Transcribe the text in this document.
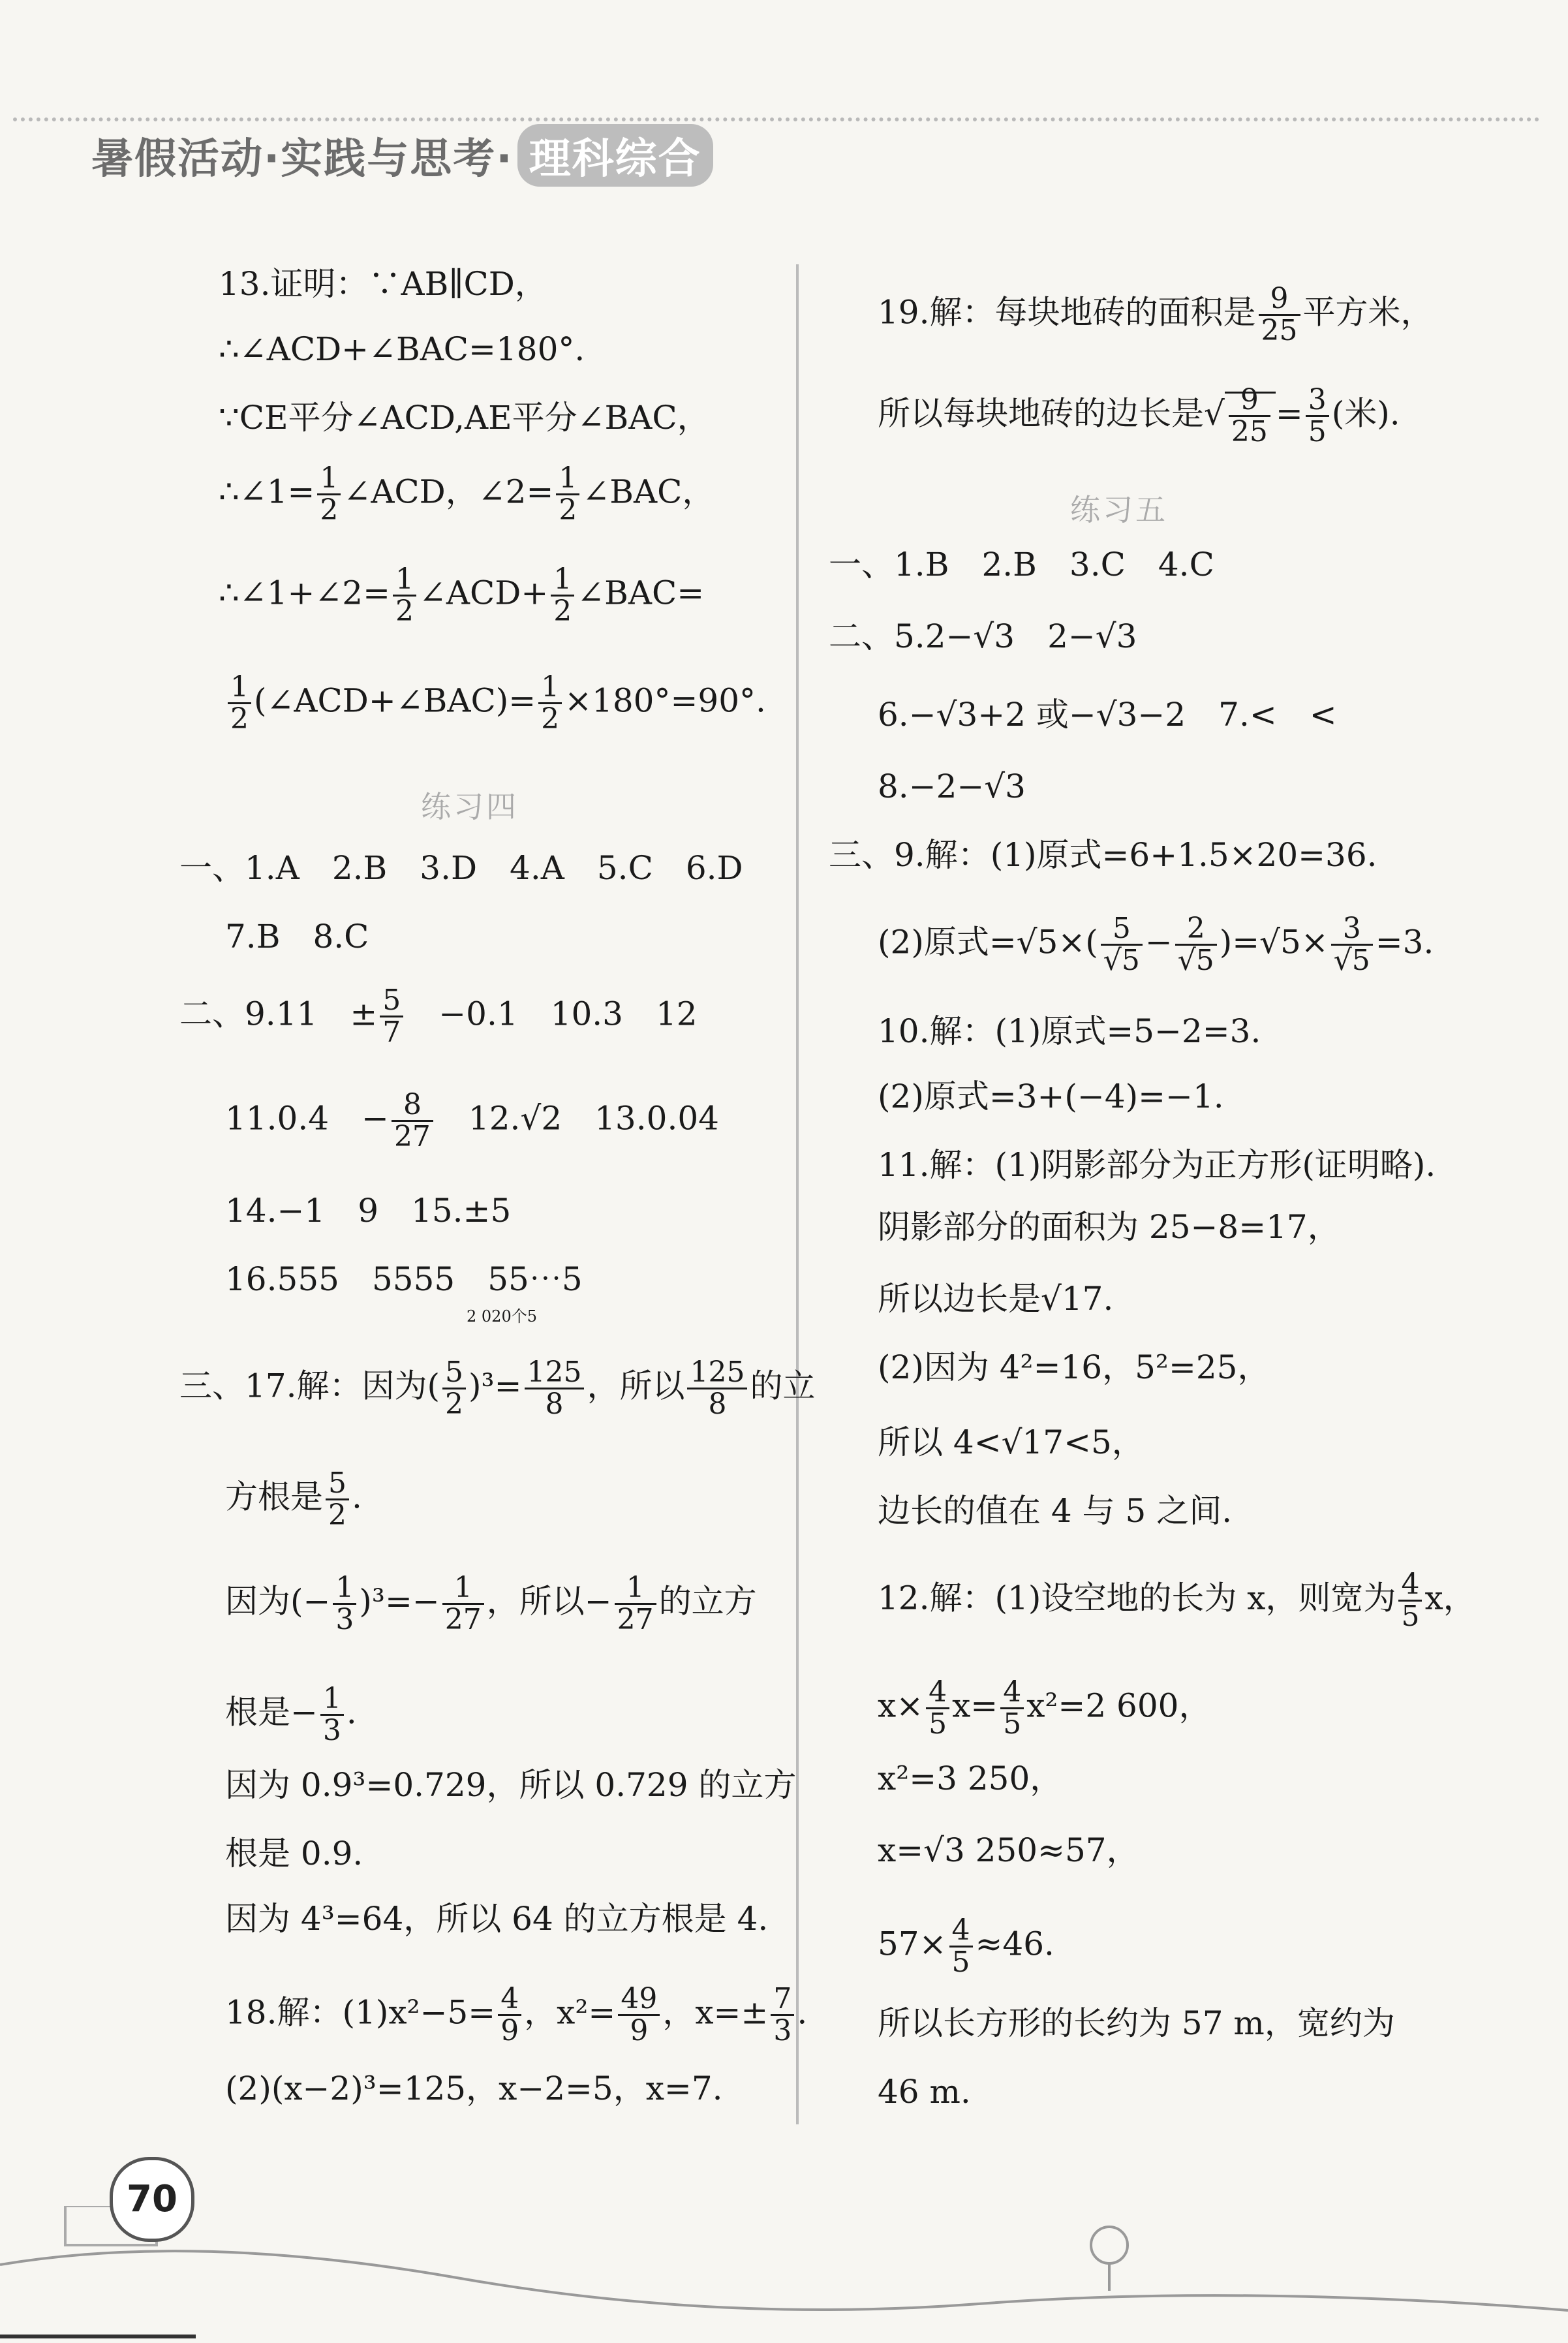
暑假活动·实践与思考· 理科综合
13.证明：∵AB∥CD，
∴∠ACD+∠BAC=180°.
∵CE平分∠ACD,AE平分∠BAC，
∴∠1= $\frac{1}{2}$ ∠ACD，∠2= $\frac{1}{2}$ ∠BAC，
∴∠1+∠2= $\frac{1}{2}$ ∠ACD+ $\frac{1}{2}$ ∠BAC=
$\frac{1}{2}$ (∠ACD+∠BAC)= $\frac{1}{2} \times 180^\circ=90^\circ$.
练习四
一、1.A　2.B　3.D　4.A　5.C　6.D
7.B　8.C
二、9.11　± $\frac{5}{7}$ 　−0.1　10.3　12
11.0.4　− $\frac{8}{27}$ 　12.√2　13.0.04
14.−1　9　15.±5
16.555　5555　55⋯5
2 020个5
三、17.解：因为( $\frac{5}{2} )^3= \frac{125}{8}$ ，所以 $\frac{125}{8}$ 的立
方根是 $\frac{5}{2}$ .
因为(− $\frac{1}{3} )^3=- \frac{1}{27}$ ，所以− $\frac{1}{27}$ 的立方
根是− $\frac{1}{3}$ .
因为 0.9³=0.729，所以 0.729 的立方
根是 0.9.
因为 4³=64，所以 64 的立方根是 4.
18.解：$(1)x^2-5= \frac{4}{9}$ ，$x^2= \frac{49}{9}$ ，$x=\pm \frac{7}{3}$ .
(2)(x−2)³=125，x−2=5，x=7.
19.解：每块地砖的面积是 $\frac{9}{25}$ 平方米，
所以每块地砖的边长是√ $\frac{9}{25} = \frac{3}{5}$ (米).
练习五
一、1.B　2.B　3.C　4.C
二、5.2−√3　2−√3
6.−√3+2 或−√3−2　7.<　<
8.−2−√3
三、9.解：(1)原式=6+1.5×20=36.
(2)原式$=√5\times( \frac{5}{√5} - \frac{2}{√5} )=√5\times \frac{3}{√5} =3$.
10.解：(1)原式=5−2=3.
(2)原式=3+(−4)=−1.
11.解：(1)阴影部分为正方形(证明略).
阴影部分的面积为 25−8=17，
所以边长是√17.
(2)因为 4²=16，5²=25，
所以 4<√17<5，
边长的值在 4 与 5 之间.
12.解：(1)设空地的长为 x，则宽为 $\frac{4}{5}$ x，
$x\times \frac{4}{5} x= \frac{4}{5} x^2=2$ 600，
x²=3 250，
x=√3 250≈57，
$57\times \frac{4}{5} \approx 46$.
所以长方形的长约为 57 m，宽约为
46 m.
70
